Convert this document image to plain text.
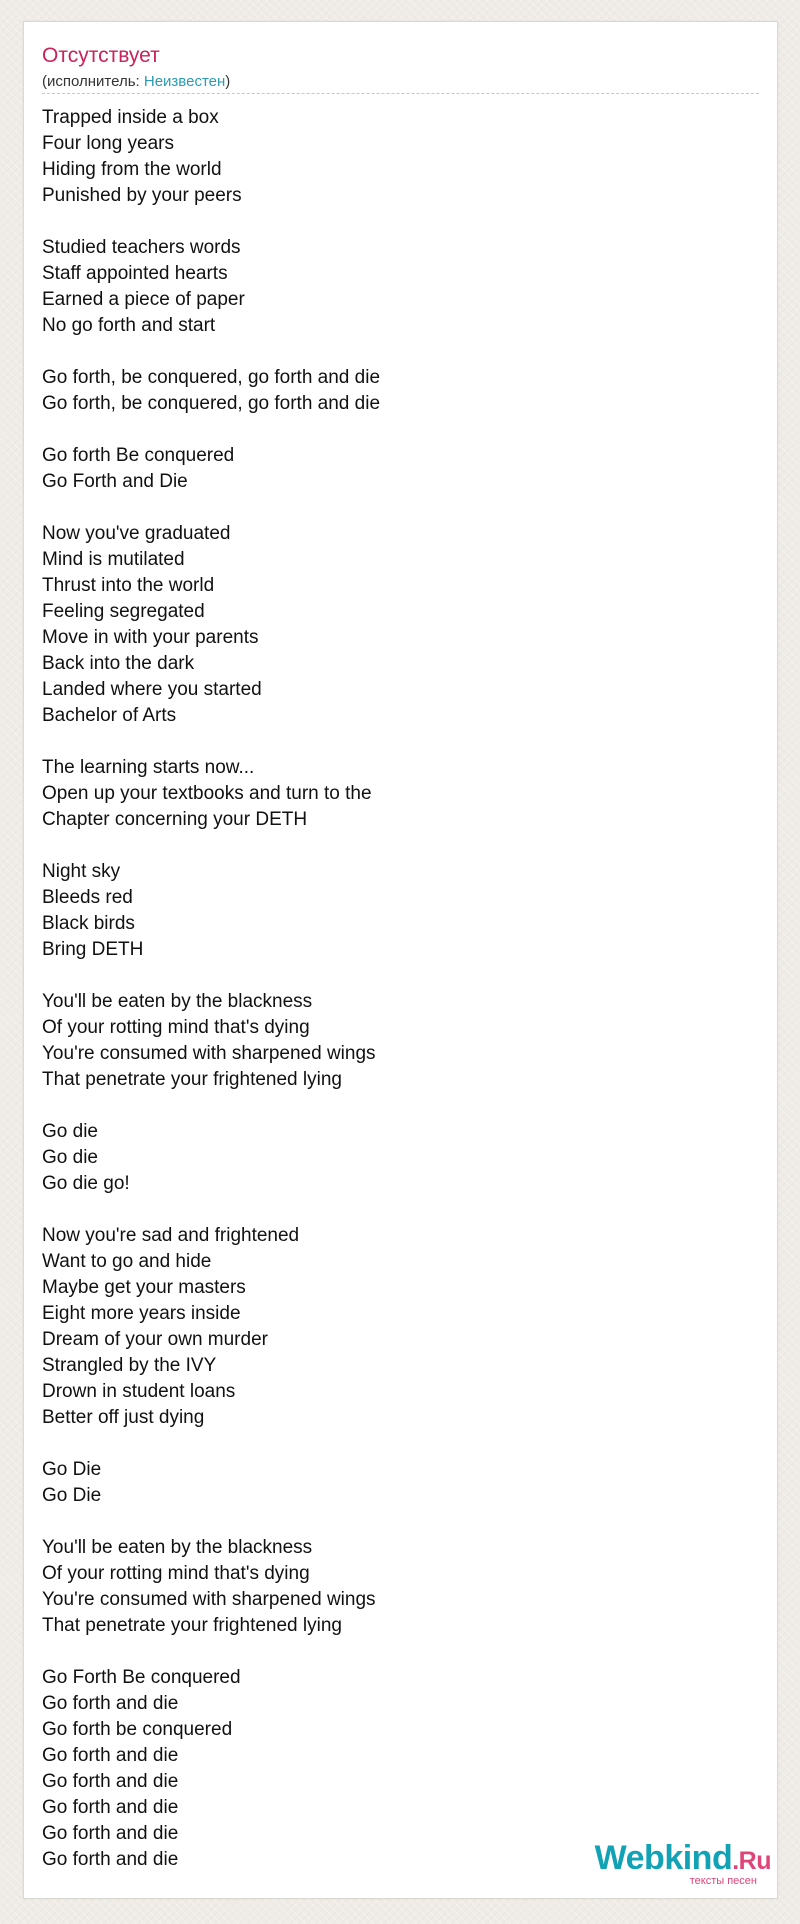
Отсутствует
(исполнитель: Неизвестен)
Trapped inside a box
Four long years
Hiding from the world
Punished by your peers
Studied teachers words
Staff appointed hearts
Earned a piece of paper
No go forth and start
Go forth, be conquered, go forth and die
Go forth, be conquered, go forth and die
Go forth Be conquered
Go Forth and Die
Now you've graduated
Mind is mutilated
Thrust into the world
Feeling segregated
Move in with your parents
Back into the dark
Landed where you started
Bachelor of Arts
The learning starts now...
Open up your textbooks and turn to the
Chapter concerning your DETH
Night sky
Bleeds red
Black birds
Bring DETH
You'll be eaten by the blackness
Of your rotting mind that's dying
You're consumed with sharpened wings
That penetrate your frightened lying
Go die
Go die
Go die go!
Now you're sad and frightened
Want to go and hide
Maybe get your masters
Eight more years inside
Dream of your own murder
Strangled by the IVY
Drown in student loans
Better off just dying
Go Die
Go Die
You'll be eaten by the blackness
Of your rotting mind that's dying
You're consumed with sharpened wings
That penetrate your frightened lying
Go Forth Be conquered
Go forth and die
Go forth be conquered
Go forth and die
Go forth and die
Go forth and die
Go forth and die
Go forth and die	Webkind.Ru
тексты песен
